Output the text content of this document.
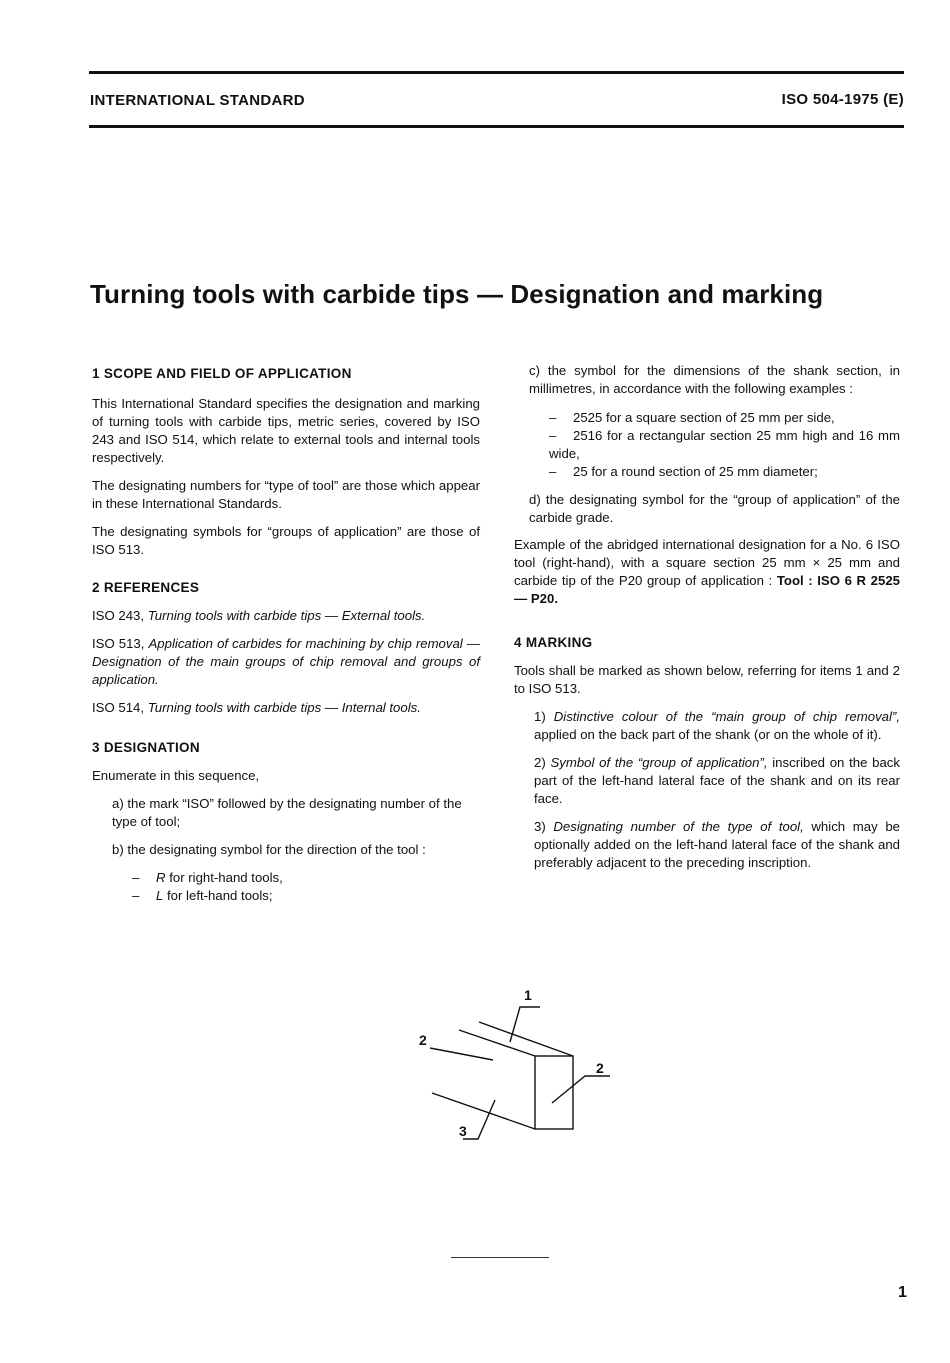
INTERNATIONAL STANDARD	ISO 504-1975 (E)
Turning tools with carbide tips — Designation and marking

1 SCOPE AND FIELD OF APPLICATION

This International Standard specifies the designation and marking of turning tools with carbide tips, metric series, covered by ISO 243 and ISO 514, which relate to external tools and internal tools respectively.

The designating numbers for “type of tool” are those which appear in these International Standards.

The designating symbols for “groups of application” are those of ISO 513.

2 REFERENCES

ISO 243, Turning tools with carbide tips — External tools.

ISO 513, Application of carbides for machining by chip removal — Designation of the main groups of chip removal and groups of application.

ISO 514, Turning tools with carbide tips — Internal tools.

3 DESIGNATION

Enumerate in this sequence,

a) the mark “ISO” followed by the designating number of the type of tool;

b) the designating symbol for the direction of the tool :

– R for right-hand tools,

– L for left-hand tools;

c) the symbol for the dimensions of the shank section, in millimetres, in accordance with the following examples :

– 2525 for a square section of 25 mm per side,

– 2516 for a rectangular section 25 mm high and 16 mm wide,

– 25 for a round section of 25 mm diameter;

d) the designating symbol for the “group of application” of the carbide grade.

Example of the abridged international designation for a No. 6 ISO tool (right-hand), with a square section 25 mm × 25 mm and carbide tip of the P20 group of application : Tool : ISO 6 R 2525 — P20.

4 MARKING

Tools shall be marked as shown below, referring for items 1 and 2 to ISO 513.

1) Distinctive colour of the “main group of chip removal”, applied on the back part of the shank (or on the whole of it).

2) Symbol of the “group of application”, inscribed on the back part of the left-hand lateral face of the shank and on its rear face.

3) Designating number of the type of tool, which may be optionally added on the left-hand lateral face of the shank and preferably adjacent to the preceding inscription.

1
2
2
3
1
